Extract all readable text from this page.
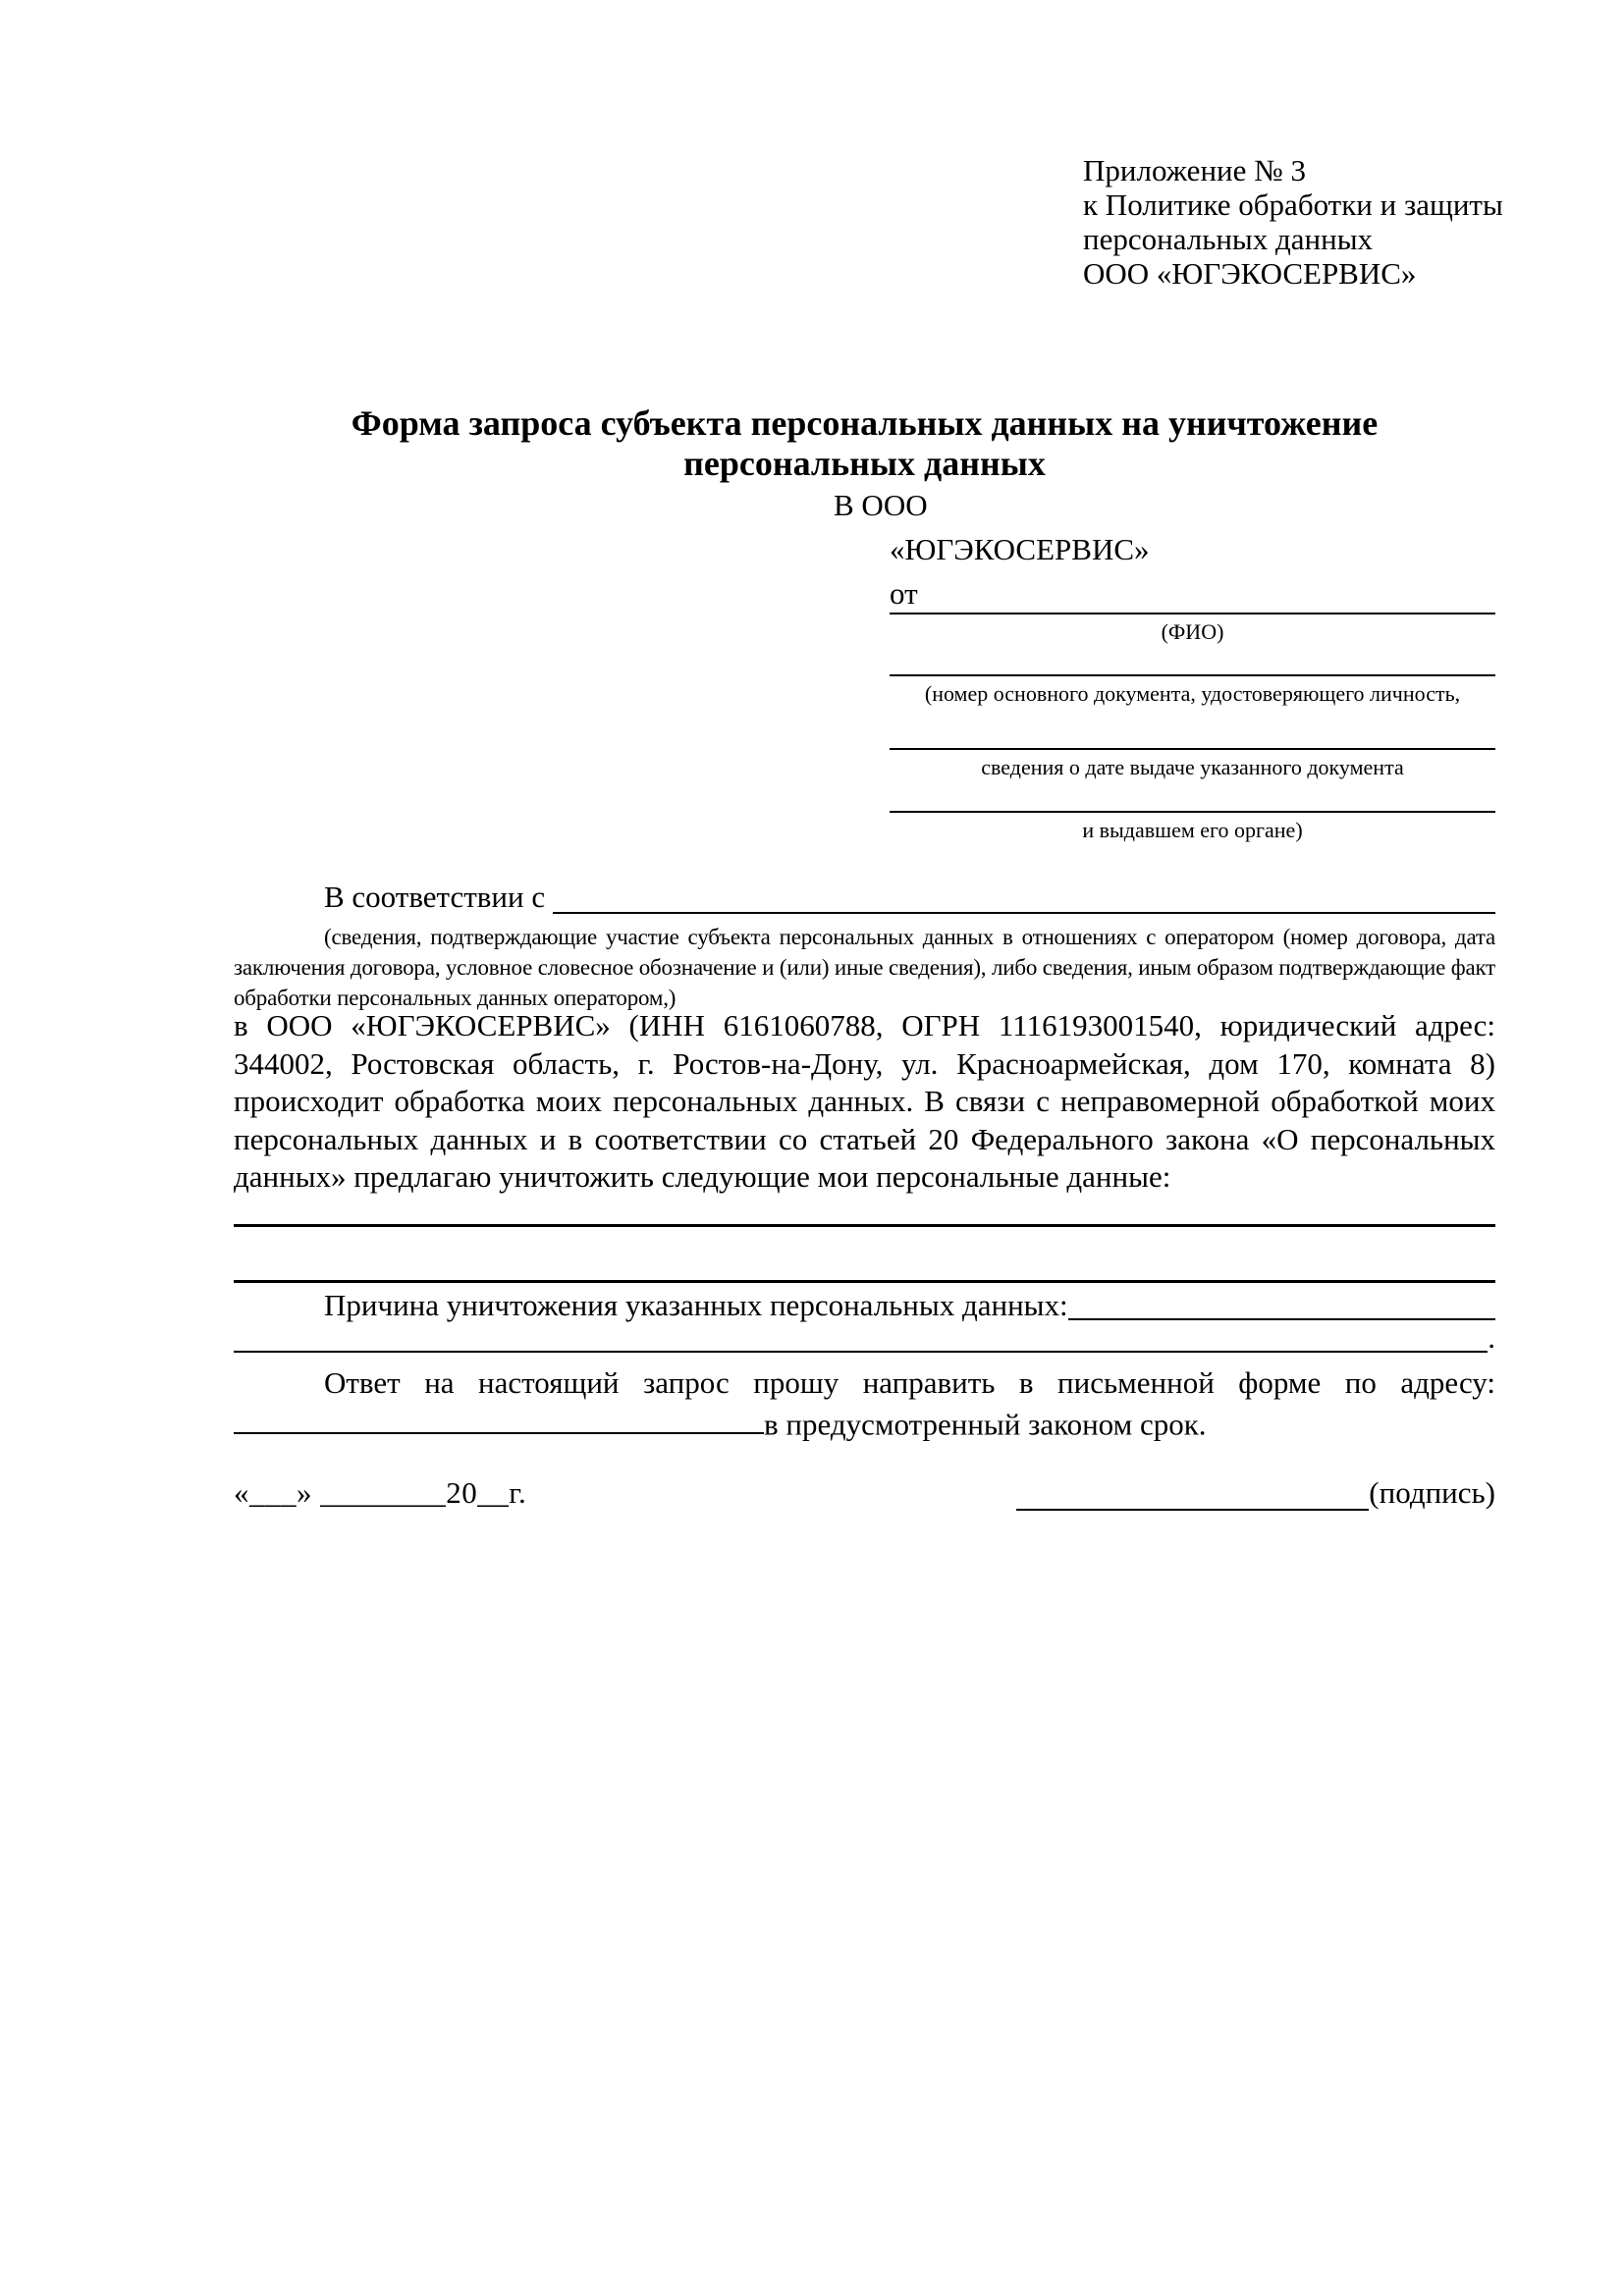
Приложение № 3
к Политике обработки и защиты
персональных данных
ООО «ЮГЭКОСЕРВИС»
Форма запроса субъекта персональных данных на уничтожение
персональных данных
В ООО
«ЮГЭКОСЕРВИС»
от
(ФИО)
(номер основного документа, удостоверяющего личность,
сведения о дате выдаче указанного документа
и выдавшем его органе)
В соответствии с
(сведения, подтверждающие участие субъекта персональных данных в отношениях с оператором (номер договора, дата заключения договора, условное словесное обозначение и (или) иные сведения), либо сведения, иным образом подтверждающие факт обработки персональных данных оператором,)
в ООО «ЮГЭКОСЕРВИС» (ИНН 6161060788, ОГРН 1116193001540, юридический адрес: 344002, Ростовская область, г. Ростов-на-Дону, ул. Красноармейская, дом 170, комната 8) происходит обработка моих персональных данных. В связи с неправомерной обработкой моих персональных данных и в соответствии со статьей 20 Федерального закона «О персональных данных» предлагаю уничтожить следующие мои персональные данные:
Причина уничтожения указанных персональных данных:
.
Ответ на настоящий запрос прошу направить в письменной форме по адресу: в предусмотренный законом срок.
«___» ________20__г.	(подпись)
